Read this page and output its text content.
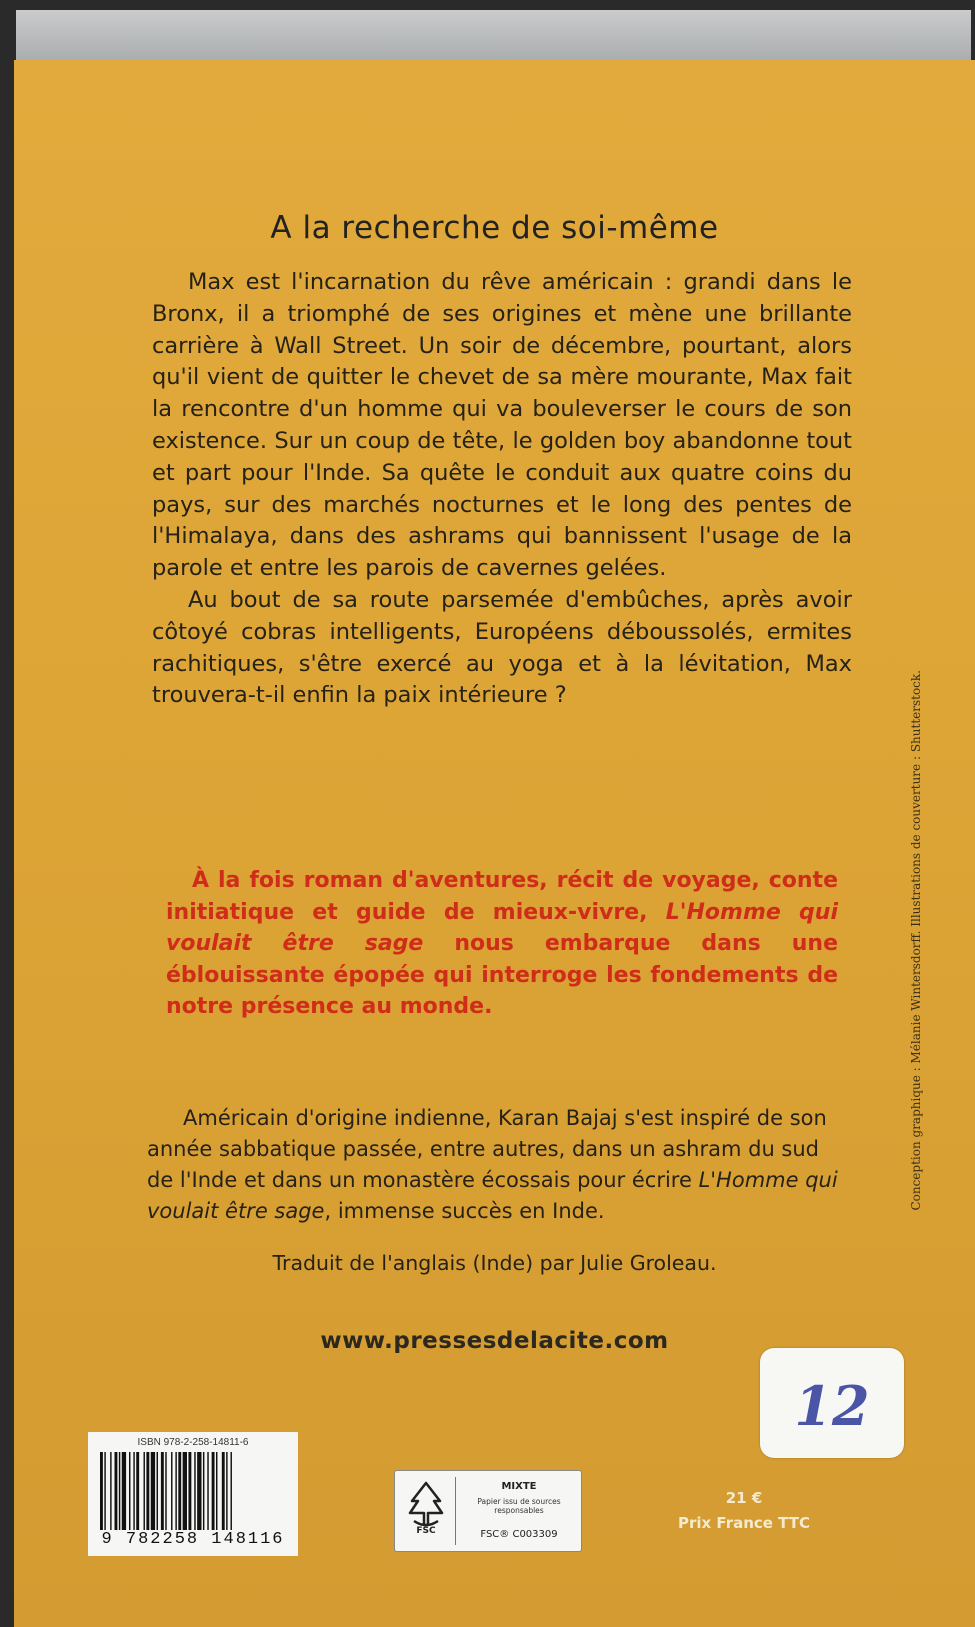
A la recherche de soi-même

Max est l'incarnation du rêve américain : grandi dans le Bronx, il a triomphé de ses origines et mène une brillante carrière à Wall Street. Un soir de décembre, pourtant, alors qu'il vient de quitter le chevet de sa mère mourante, Max fait la rencontre d'un homme qui va bouleverser le cours de son existence. Sur un coup de tête, le golden boy abandonne tout et part pour l'Inde. Sa quête le conduit aux quatre coins du pays, sur des marchés nocturnes et le long des pentes de l'Himalaya, dans des ashrams qui bannissent l'usage de la parole et entre les parois de cavernes gelées.

Au bout de sa route parsemée d'embûches, après avoir côtoyé cobras intelligents, Européens déboussolés, ermites rachitiques, s'être exercé au yoga et à la lévitation, Max trouvera-t-il enfin la paix intérieure ?

À la fois roman d'aventures, récit de voyage, conte initiatique et guide de mieux-vivre, L'Homme qui voulait être sage nous embarque dans une éblouissante épopée qui interroge les fondements de notre présence au monde.
Américain d'origine indienne, Karan Bajaj s'est inspiré de son année sabbatique passée, entre autres, dans un ashram du sud de l'Inde et dans un monastère écossais pour écrire L'Homme qui voulait être sage, immense succès en Inde.
Traduit de l'anglais (Inde) par Julie Groleau.
www.pressesdelacite.com
12
Conception graphique : Mélanie Wintersdorff. Illustrations de couverture : Shutterstock.
ISBN 978-2-258-14811-6
9 782258 148116	FSC
MIXTE
Papier issu de sources responsables
FSC® C003309
21 €
Prix France TTC
